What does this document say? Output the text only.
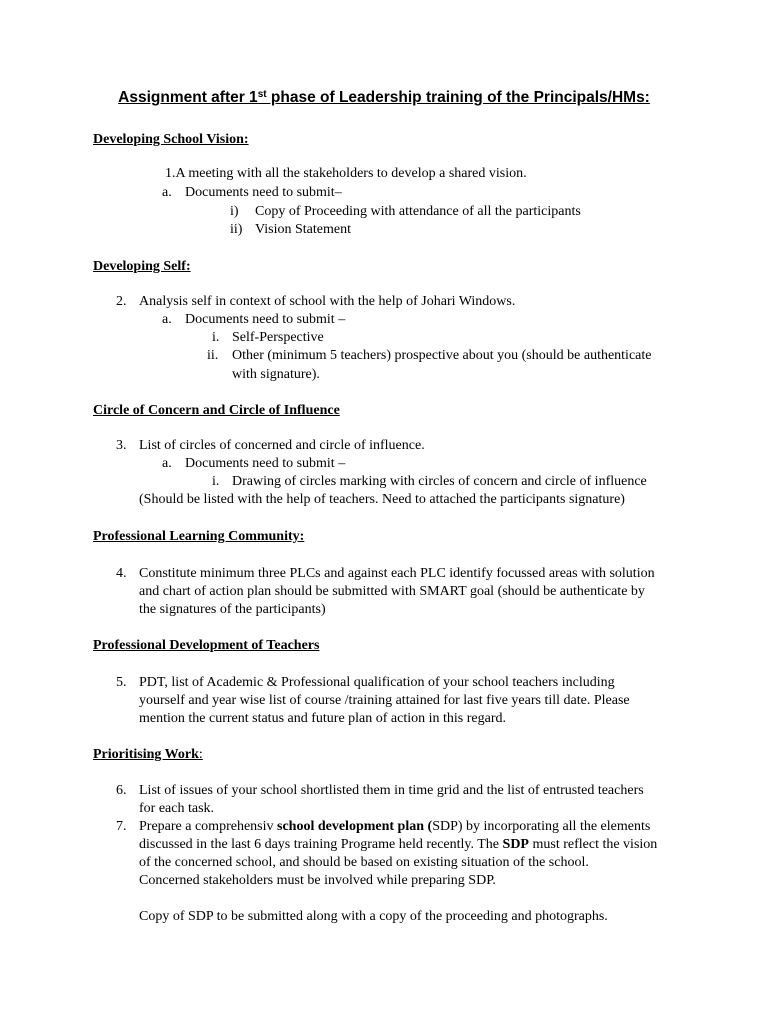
Assignment after 1st phase of Leadership training of the Principals/HMs:
Developing School Vision:
1.A meeting with all the stakeholders to develop a shared vision.
a. Documents need to submit–
i) Copy of Proceeding with attendance of all the participants
ii) Vision Statement
Developing Self:
2. Analysis self in context of school with the help of Johari Windows.
a. Documents need to submit –
i. Self-Perspective
ii. Other (minimum 5 teachers) prospective about you (should be authenticate
with signature).
Circle of Concern and Circle of Influence
3. List of circles of concerned and circle of influence.
a. Documents need to submit –
i. Drawing of circles marking with circles of concern and circle of influence
(Should be listed with the help of teachers. Need to attached the participants signature)
Professional Learning Community:
4. Constitute minimum three PLCs and against each PLC identify focussed areas with solution
and chart of action plan should be submitted with SMART goal (should be authenticate by
the signatures of the participants)
Professional Development of Teachers
5. PDT, list of Academic & Professional qualification of your school teachers including
yourself and year wise list of course /training attained for last five years till date. Please
mention the current status and future plan of action in this regard.
Prioritising Work:
6. List of issues of your school shortlisted them in time grid and the list of entrusted teachers
for each task.
7. Prepare a comprehensiv school development plan (SDP) by incorporating all the elements
discussed in the last 6 days training Programe held recently. The SDP must reflect the vision
of the concerned school, and should be based on existing situation of the school.
Concerned stakeholders must be involved while preparing SDP.
Copy of SDP to be submitted along with a copy of the proceeding and photographs.
